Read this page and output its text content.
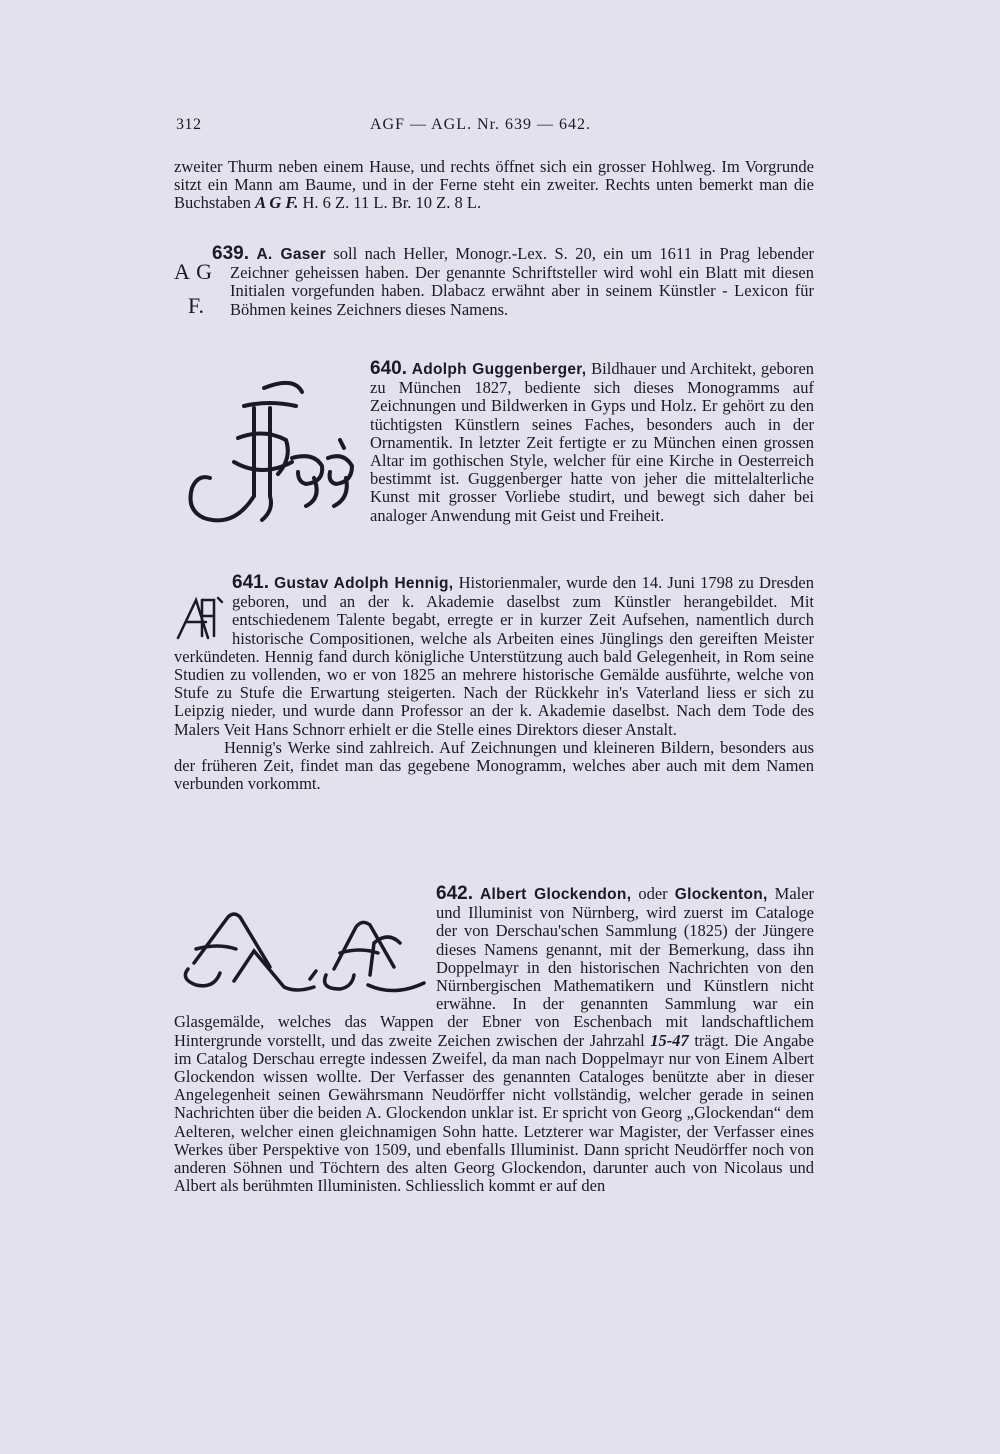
312	AGF — AGL. Nr. 639 — 642.
zweiter Thurm neben einem Hause, und rechts öffnet sich ein grosser Hohlweg. Im Vorgrunde sitzt ein Mann am Baume, und in der Ferne steht ein zweiter. Rechts unten bemerkt man die Buchstaben A G F. H. 6 Z. 11 L. Br. 10 Z. 8 L.
A G
F.

639. A. Gaser soll nach Heller, Monogr.-Lex. S. 20, ein um 1611 in Prag lebender Zeichner geheissen haben. Der genannte Schriftsteller wird wohl ein Blatt mit diesen Initialen vorgefunden haben. Dlabacz erwähnt aber in seinem Künstler - Lexicon für Böhmen keines Zeichners dieses Namens.

640. Adolph Guggenberger, Bildhauer und Architekt, geboren zu München 1827, bediente sich dieses Monogramms auf Zeichnungen und Bildwerken in Gyps und Holz. Er gehört zu den tüchtigsten Künstlern seines Faches, besonders auch in der Ornamentik. In letzter Zeit fertigte er zu München einen grossen Altar im gothischen Style, welcher für eine Kirche in Oesterreich bestimmt ist. Guggenberger hatte von jeher die mittelalterliche Kunst mit grosser Vorliebe studirt, und bewegt sich daher bei analoger Anwendung mit Geist und Freiheit.

641. Gustav Adolph Hennig, Historienmaler, wurde den 14. Juni 1798 zu Dresden geboren, und an der k. Akademie daselbst zum Künstler herangebildet. Mit entschiedenem Talente begabt, erregte er in kurzer Zeit Aufsehen, namentlich durch historische Compositionen, welche als Arbeiten eines Jünglings den gereiften Meister verkündeten. Hennig fand durch königliche Unterstützung auch bald Gelegenheit, in Rom seine Studien zu vollenden, wo er von 1825 an mehrere historische Gemälde ausführte, welche von Stufe zu Stufe die Erwartung steigerten. Nach der Rückkehr in's Vaterland liess er sich zu Leipzig nieder, und wurde dann Professor an der k. Akademie daselbst. Nach dem Tode des Malers Veit Hans Schnorr erhielt er die Stelle eines Direktors dieser Anstalt.

Hennig's Werke sind zahlreich. Auf Zeichnungen und kleineren Bildern, besonders aus der früheren Zeit, findet man das gegebene Monogramm, welches aber auch mit dem Namen verbunden vorkommt.

642. Albert Glockendon, oder Glockenton, Maler und Illuminist von Nürnberg, wird zuerst im Cataloge der von Derschau'schen Sammlung (1825) der Jüngere dieses Namens genannt, mit der Bemerkung, dass ihn Doppelmayr in den historischen Nachrichten von den Nürnbergischen Mathematikern und Künstlern nicht erwähne. In der genannten Sammlung war ein Glasgemälde, welches das Wappen der Ebner von Eschenbach mit landschaftlichem Hintergrunde vorstellt, und das zweite Zeichen zwischen der Jahrzahl 15-47 trägt. Die Angabe im Catalog Derschau erregte indessen Zweifel, da man nach Doppelmayr nur von Einem Albert Glockendon wissen wollte. Der Verfasser des genannten Cataloges benützte aber in dieser Angelegenheit seinen Gewährsmann Neudörffer nicht vollständig, welcher gerade in seinen Nachrichten über die beiden A. Glockendon unklar ist. Er spricht von Georg „Glockendan“ dem Aelteren, welcher einen gleichnamigen Sohn hatte. Letzterer war Magister, der Verfasser eines Werkes über Perspektive von 1509, und ebenfalls Illuminist. Dann spricht Neudörffer noch von anderen Söhnen und Töchtern des alten Georg Glockendon, darunter auch von Nicolaus und Albert als berühmten Illuministen. Schliesslich kommt er auf den
